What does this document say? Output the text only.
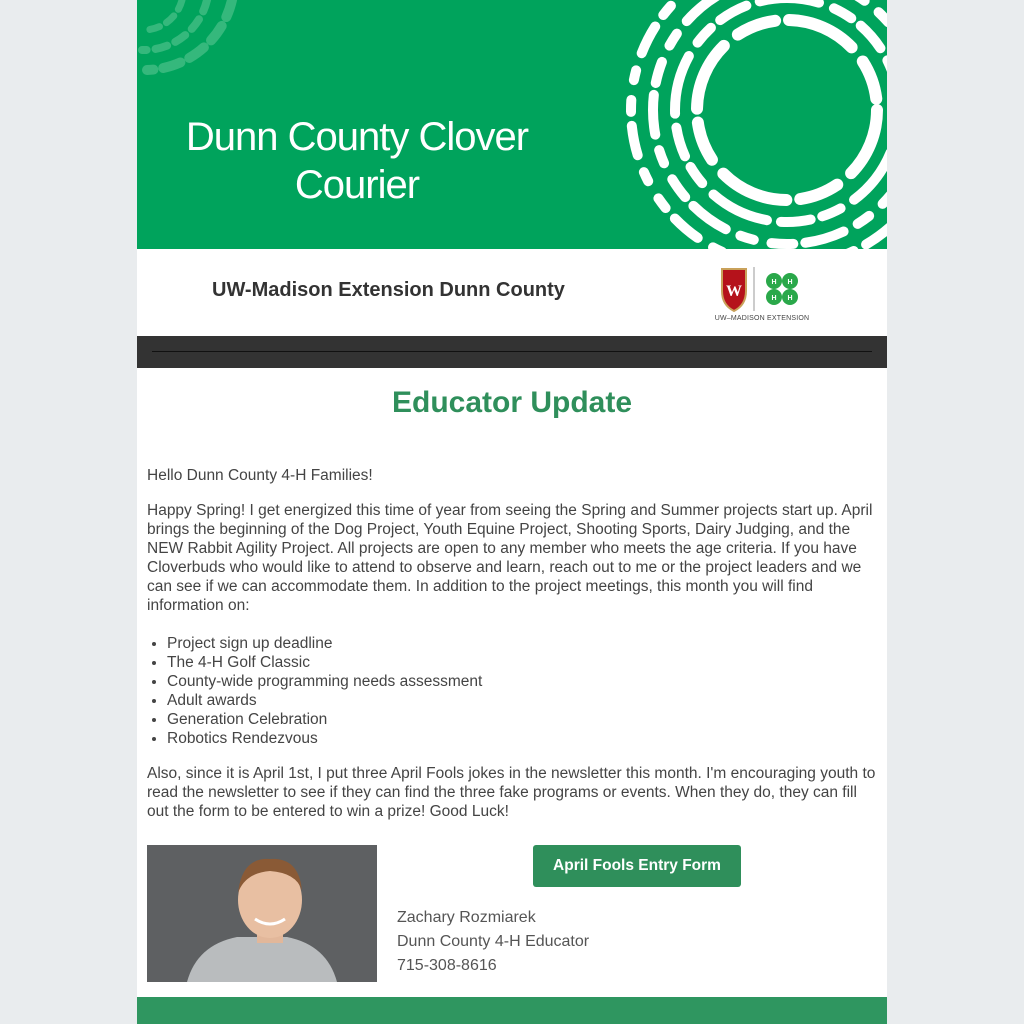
Dunn County Clover
Courier
UW-Madison Extension Dunn County	W
H H
H H
UW–MADISON EXTENSION
Educator Update

Hello Dunn County 4-H Families!

Happy Spring! I get energized this time of year from seeing the Spring and Summer projects start up. April brings the beginning of the Dog Project, Youth Equine Project, Shooting Sports, Dairy Judging, and the NEW Rabbit Agility Project. All projects are open to any member who meets the age criteria. If you have Cloverbuds who would like to attend to observe and learn, reach out to me or the project leaders and we can see if we can accommodate them. In addition to the project meetings, this month you will find information on:

• Project sign up deadline
• The 4-H Golf Classic
• County-wide programming needs assessment
• Adult awards
• Generation Celebration
• Robotics Rendezvous

Also, since it is April 1st, I put three April Fools jokes in the newsletter this month. I'm encouraging youth to read the newsletter to see if they can find the three fake programs or events. When they do, they can fill out the form to be entered to win a prize! Good Luck!

April Fools Entry Form
Zachary Rozmiarek
Dunn County 4-H Educator
715-308-8616
